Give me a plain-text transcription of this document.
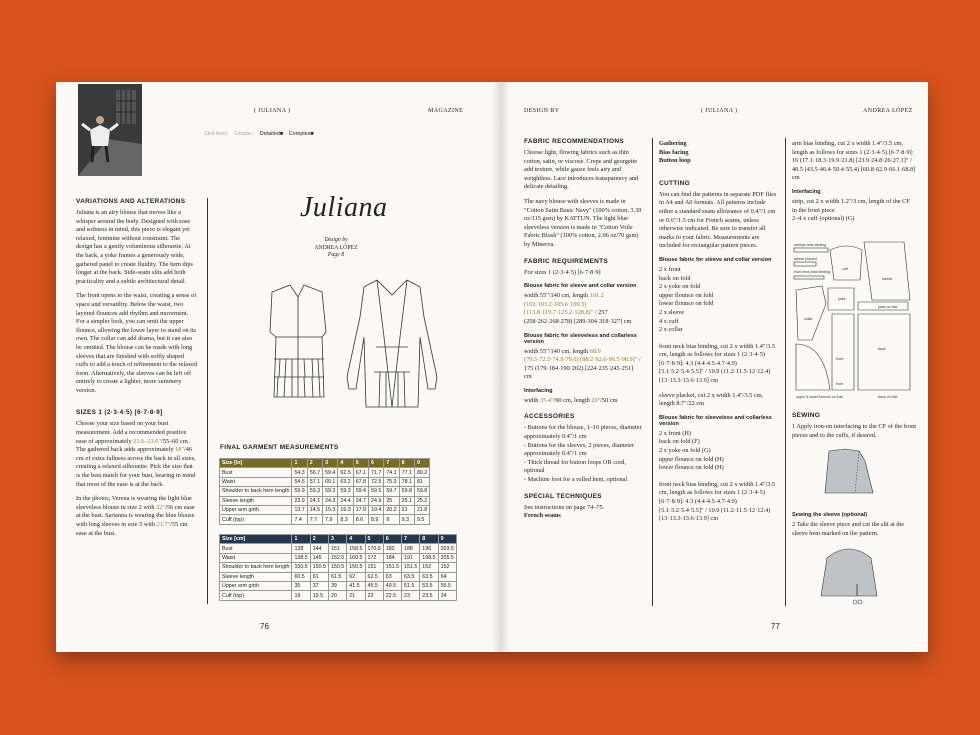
( JULIANA )	MAGAZINE
Skill level: Simple□ Detailed■ Complex■
VARIATIONS AND ALTERATIONS

Juliana is an airy blouse that moves like a whisper around the body. Designed with ease and softness in mind, this piece is elegant yet relaxed, feminine without constraint. The design has a gently voluminous silhouette. At the back, a yoke frames a generously wide, gathered panel to create fluidity. The hem dips longer at the back. Side-seam slits add both practicality and a subtle architectural detail.

The front opens to the waist, creating a sense of space and versatility. Below the waist, two layered flounces add rhythm and movement. For a simpler look, you can omit the upper flounce, allowing the lower layer to stand on its own. The collar can add drama, but it can also be omitted. The blouse can be made with long sleeves that are finished with softly shaped cuffs to add a touch of refinement to the relaxed form. Alternatively, the sleeves can be left off entirely to create a lighter, more summery version.

SIZES 1 (2·3·4·5) [6·7·8·9]

Choose your size based on your bust measurement. Add a recommended positive ease of approximately 21.6–23.6"/55–60 cm. The gathered back adds approximately 18"/46 cm of extra fullness across the back in all sizes, creating a relaxed silhouette. Pick the size that is the best match for your bust, bearing in mind that most of the ease is at the back.

In the photos, Verena is wearing the light blue sleeveless blouse in size 2 with 22"/56 cm ease at the bust. Sarianna is wearing the blue blouse with long sleeves in size 5 with 21.7"/55 cm ease at the bust.

Juliana
Design by
ANDREA LÓPEZ
Page 8
FINAL GARMENT MEASUREMENTS
Size [in]	1	2	3	4	5	6	7	8	9
Bust	54.3	56.7	59.4	62.5	67.1	71.7	74.1	77.1	80.2
Waist	54.5	57.1	60.1	63.2	67.8	72.5	75.3	78.1	81
Shoulder to back hem length	59.9	59.3	59.3	59.3	59.4	59.5	59.7	59.8	59.8
Sleeve length	23.9	24.1	24.3	24.4	24.7	24.9	25	25.1	25.2
Upper arm girth	13.7	14.5	15.3	16.3	17.9	19.4	20.2	21	21.8
Cuff (top)	7.4	7.7	7.9	8.3	8.6	8.9	9	9.3	9.5
Size [cm]	1	2	3	4	5	6	7	8	9
Bust	138	144	151	158.5	170.5	182	188	196	203.5
Waist	138.5	145	152.5	160.5	172	184	191	198.5	205.5
Shoulder to back hem length	150.5	150.5	150.5	150.5	151	151.5	151.5	152	152
Sleeve length	60.5	61	61.5	62	62.5	63	63.5	63.5	64
Upper arm girth	35	37	39	41.5	45.5	49.5	51.5	53.5	55.5
Cuff (top)	19	19.5	20	21	22	22.5	23	23.5	24
76
DESIGN BY	( JULIANA )	ANDREA LÓPEZ
FABRIC RECOMMENDATIONS

Choose light, flowing fabrics such as thin cotton, satin, or viscose. Crepe and georgette add texture, while gauze feels airy and weightless. Lace introduces transparency and delicate detailing.

The navy blouse with sleeves is made in "Cotton Satin Basic Navy" (100% cotton, 3.39 oz/115 gsm) by KATTUN. The light blue sleeveless version is made in "Cotton Voile Fabric Blush" (100% cotton, 2.06 oz/70 gsm) by Minerva.

FABRIC REQUIREMENTS

For sizes 1 (2·3·4·5) [6·7·8·9]

Blouse fabric for sleeve and collar version

width 55"/140 cm, length 101.2 (102·103.2·105.6·109.5) [113.8·119.7·125.2·128.8]" / 257 (258·262·268·278) [289·304·318·327] cm

Blouse fabric for sleeveless and collarless version

width 55"/140 cm, length 68.9 (70.5·72.5·74.9·79.6) [88.2·92.6·96.5·98.9]" / 175 (179·184·190·202) [224·235·245·251] cm

Interfacing

width 35.4"/90 cm, length 20"/50 cm

ACCESSORIES
- Buttons for the blouse, 1–10 pieces, diameter approximately 0.4"/1 cm
- Buttons for the sleeves, 2 pieces, diameter approximately 0.4"/1 cm
- Thick thread for button loops OR cord, optional
- Machine foot for a rolled hem, optional
SPECIAL TECHNIQUES
See instructions on page 74–75.
French seams
Gathering
Bias facing
Button loop
CUTTING

You can find the patterns in separate PDF files in A4 and A0 formats. All patterns include either a standard seam allowance of 0.4"/1 cm or 0.6"/1.5 cm for French seams, unless otherwise indicated. Be sure to transfer all marks to your fabric. Measurements are included for rectangular pattern pieces.

Blouse fabric for sleeve and collar version
2 x front
back on fold
2 x yoke on fold
upper flounce on fold
lower flounce on fold
2 x sleeve
4 x cuff
2 x collar

front neck bias binding, cut 2 x width 1.4"/3.5 cm, length as follows for sizes 1 (2·3·4·5) [6·7·8·9]: 4.3 (4.4·4.5·4.7·4.9) [5.1·5.2·5.4·5.5]" / 10.9 (11.2·11.5·12·12.4) [13·13.3·13.6·13.9] cm

sleeve placket, cut 2 x width 1.4"/3.5 cm, length 8.7"/22 cm

Blouse fabric for sleeveless and collarless version
2 x front (H)
back on fold (F)
2 x yoke on fold (G)
upper flounce on fold (H)
lower flounce on fold (H)

front neck bias binding, cut 2 x width 1.4"/3.5 cm, length as follows for sizes 1 (2·3·4·5) [6·7·8·9]: 4.3 (4.4·4.5·4.7·4.9) [5.1·5.2·5.4·5.5]" / 10.9 (11.2·11.5·12·12.4) [13·13.3·13.6·13.9] cm

arm bias binding, cut 2 x width 1.4"/3.5 cm, length as follows for sizes 1 (2·3·4·5) [6·7·8·9]: 16 (17.1·18.3·19.9·21.8) [23.9·24.8·26·27.1]" / 40.5 (43.5·46.4·50.4·55.4) [60.8·62.9·66.1·68.8] cm

Interfacing

strip, cut 2 x width 1.2"/3 cm, length of the CF in the front piece

2–4 x cuff (optional) (G)

armeye bias binding
sleeve placket
front neck bias binding
cuff
yoke
sleeve
collar
front
back
yoke on fold
upper & lower flounce on fold
front
back on fold
SEWING

1 Apply iron-on interfacing to the CF of the front pieces and to the cuffs, if desired.

Sewing the sleeve (optional)

2 Take the sleeve piece and cut the slit at the sleeve hem marked on the pattern.

77
